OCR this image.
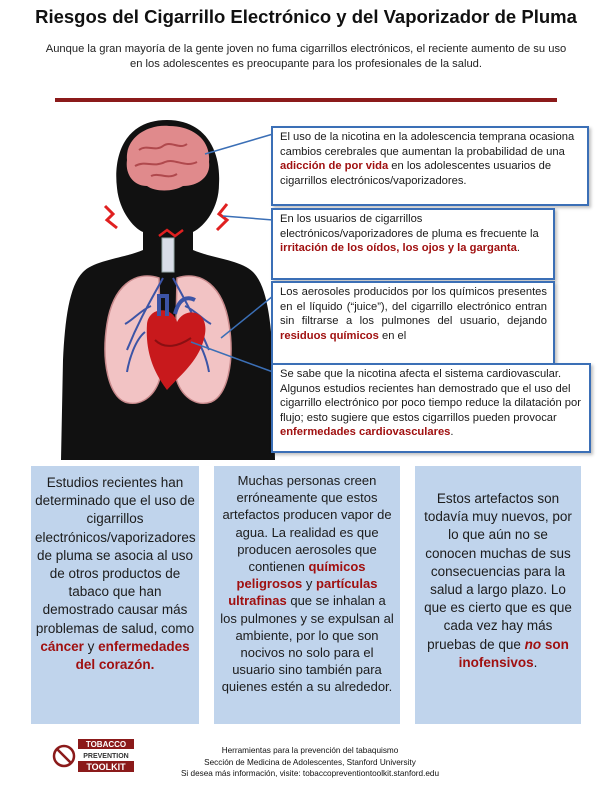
Riesgos del Cigarrillo Electrónico y del Vaporizador de Pluma
Aunque la gran mayoría de la gente joven no fuma cigarrillos electrónicos, el reciente aumento de su uso en los adolescentes es preocupante para los profesionales de la salud.
El uso de la nicotina en la adolescencia temprana ocasiona cambios cerebrales que aumentan la probabilidad de una adicción de por vida en los adolescentes usuarios de cigarrillos electrónicos/vaporizadores.
En los usuarios de cigarrillos electrónicos/vaporizadores de pluma es frecuente la irritación de los oídos, los ojos y la garganta.
Los aerosoles producidos por los químicos presentes en el líquido (“juice”), del cigarrillo electrónico entran sin filtrarse a los pulmones del usuario, dejando residuos químicos en el
Se sabe que la nicotina afecta el sistema cardiovascular. Algunos estudios recientes han demostrado que el uso del cigarrillo electrónico por poco tiempo reduce la dilatación por flujo; esto sugiere que estos cigarrillos pueden provocar enfermedades cardiovasculares.
Estudios recientes han determinado que el uso de cigarrillos electrónicos/vaporizadores de pluma se asocia al uso de otros productos de tabaco que han demostrado causar más problemas de salud, como cáncer y enfermedades del corazón.
Muchas personas creen erróneamente que estos artefactos producen vapor de agua. La realidad es que producen aerosoles que contienen químicos peligrosos y partículas ultrafinas que se inhalan a los pulmones y se expulsan al ambiente, por lo que son nocivos no solo para el usuario sino también para quienes estén a su alrededor.
Estos artefactos son todavía muy nuevos, por lo que aún no se conocen muchas de sus consecuencias para la salud a largo plazo. Lo que es cierto que es que cada vez hay más pruebas de que no son inofensivos.
TOBACCO
PREVENTION
TOOLKIT
Herramientas para la prevención del tabaquismo
Sección de Medicina de Adolescentes, Stanford University
Si desea más información, visite: tobaccopreventiontoolkit.stanford.edu
